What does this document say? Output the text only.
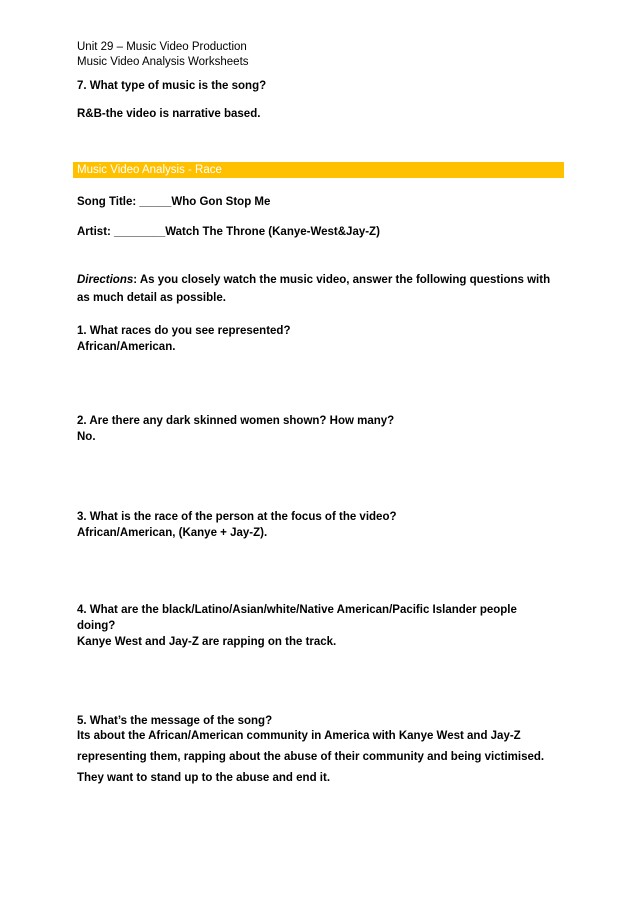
Unit 29 – Music Video Production
Music Video Analysis Worksheets
7. What type of music is the song?
R&B-the video is narrative based.
Music Video Analysis - Race
Song Title: _____Who Gon Stop Me
Artist: ________Watch The Throne (Kanye-West&Jay-Z)
Directions: As you closely watch the music video, answer the following questions with as much detail as possible.
1. What races do you see represented?
African/American.
2. Are there any dark skinned women shown? How many?
No.
3. What is the race of the person at the focus of the video?
African/American, (Kanye + Jay-Z).
4. What are the black/Latino/Asian/white/Native American/Pacific Islander people doing?
Kanye West and Jay-Z are rapping on the track.
5. What’s the message of the song?
Its about the African/American community in America with Kanye West and Jay-Z representing them, rapping about the abuse of their community and being victimised. They want to stand up to the abuse and end it.
